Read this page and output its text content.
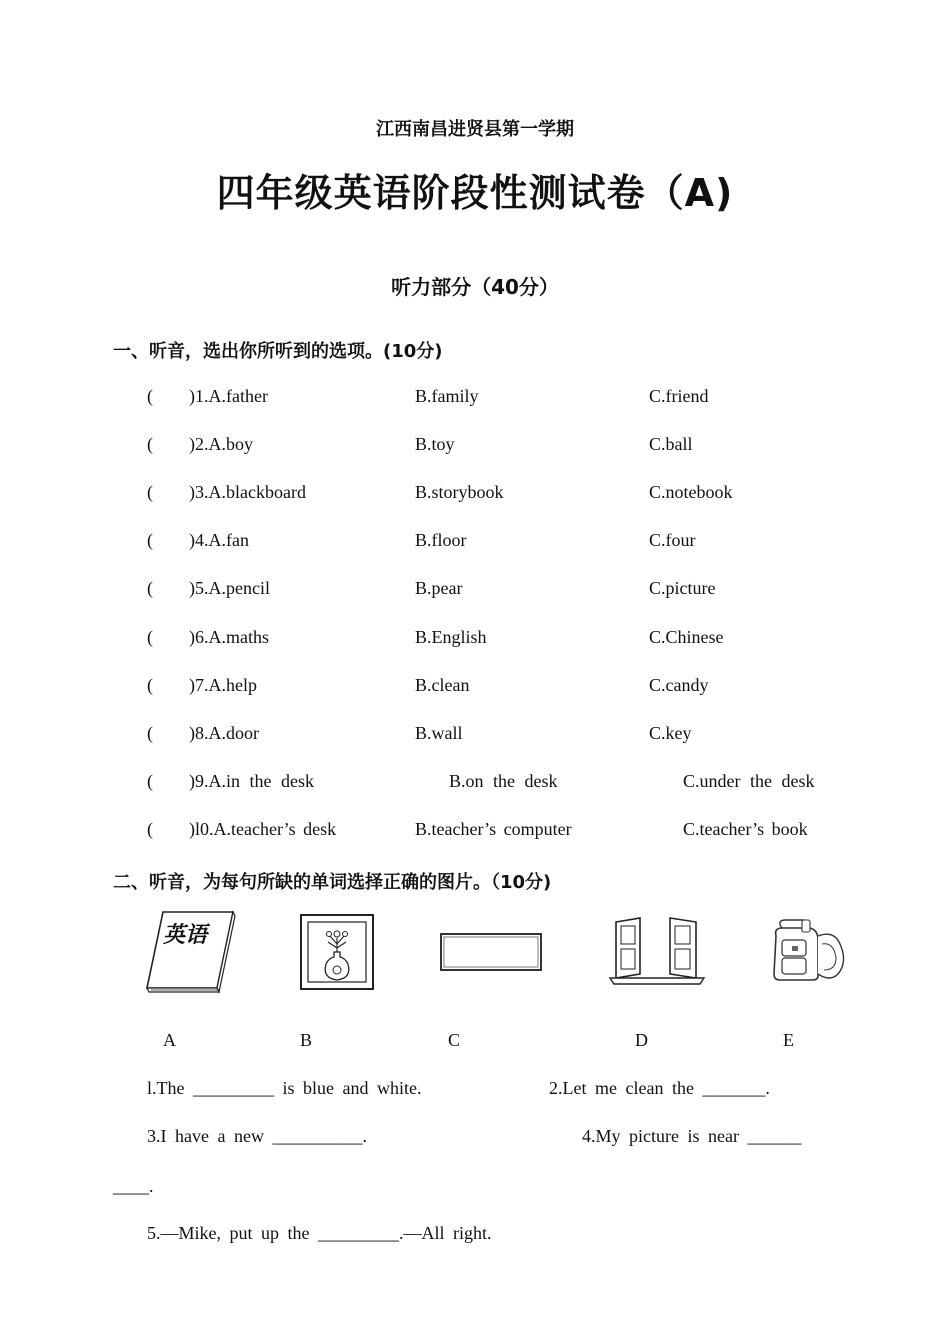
江西南昌进贤县第一学期
四年级英语阶段性测试卷（A)
听力部分（40分）
一、听音，选出你所听到的选项。(10分)
( )1.A.father	B.family	C.friend
( )2.A.boy	B.toy	C.ball
( )3.A.blackboard	B.storybook	C.notebook
( )4.A.fan	B.floor	C.four
( )5.A.pencil	B.pear	C.picture
( )6.A.maths	B.English	C.Chinese
( )7.A.help	B.clean	C.candy
( )8.A.door	B.wall	C.key
( )9.A.in the desk	B.on the desk	C.under the desk
( )l0.A.teacher’s desk	B.teacher’s computer	C.teacher’s book
二、听音，为每句所缺的单词选择正确的图片。（10分)
英语
A	B	C	D	E
l.The _________ is blue and white.	2.Let me clean the _______.
3.I have a new __________.	4.My picture is near ______
____.
5.—Mike, put up the _________.—All right.
